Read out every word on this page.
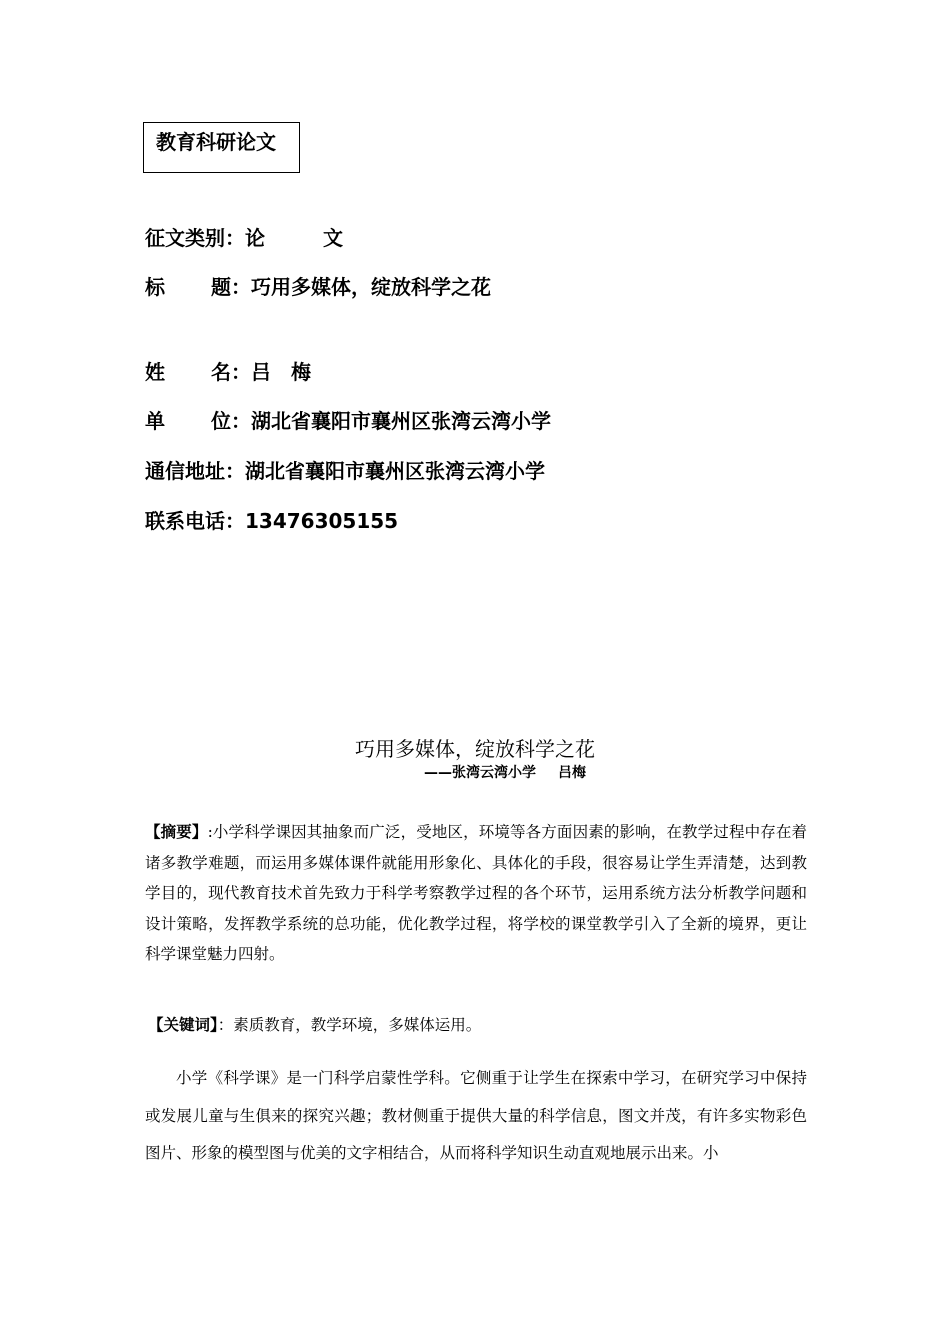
教育科研论文
征文类别：论	文
标 题：巧用多媒体，绽放科学之花
姓 名：吕 梅
单 位：湖北省襄阳市襄州区张湾云湾小学
通信地址：湖北省襄阳市襄州区张湾云湾小学
联系电话：13476305155
巧用多媒体，绽放科学之花
——张湾云湾小学 吕梅
【摘要】:小学科学课因其抽象而广泛，受地区，环境等各方面因素的影响，在教学过程中存在着诸多教学难题，而运用多媒体课件就能用形象化、具体化的手段，很容易让学生弄清楚，达到教学目的，现代教育技术首先致力于科学考察教学过程的各个环节，运用系统方法分析教学问题和设计策略，发挥教学系统的总功能，优化教学过程，将学校的课堂教学引入了全新的境界，更让科学课堂魅力四射。
【关键词】：素质教育，教学环境，多媒体运用。
小学《科学课》是一门科学启蒙性学科。它侧重于让学生在探索中学习，在研究学习中保持或发展儿童与生俱来的探究兴趣；教材侧重于提供大量的科学信息，图文并茂，有许多实物彩色图片、形象的模型图与优美的文字相结合，从而将科学知识生动直观地展示出来。小
